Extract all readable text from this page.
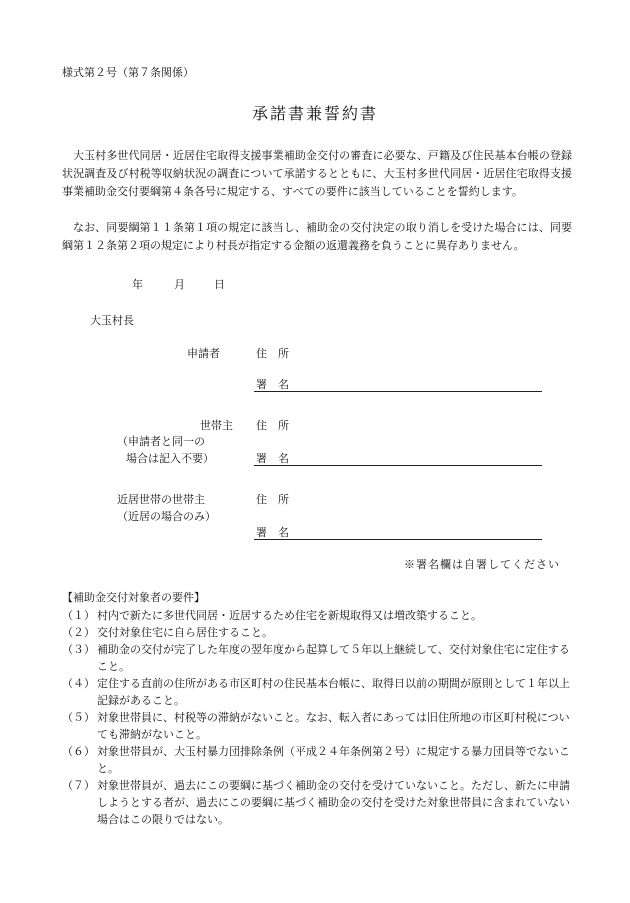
様式第２号（第７条関係）
承諾書兼誓約書
大玉村多世代同居・近居住宅取得支援事業補助金交付の審査に必要な、戸籍及び住民基本台帳の登録状況調査及び村税等収納状況の調査について承諾するとともに、大玉村多世代同居・近居住宅取得支援事業補助金交付要綱第４条各号に規定する、すべての要件に該当していることを誓約します。
なお、同要綱第１１条第１項の規定に該当し、補助金の交付決定の取り消しを受けた場合には、同要綱第１２条第２項の規定により村長が指定する金額の返還義務を負うことに異存ありません。
年	月	日
大玉村長
申請者	住　所
署　名
世帯主
（申請者と同一の
場合は記入不要）
住　所
署　名
近居世帯の世帯主
（近居の場合のみ）
住　所
署　名
※署名欄は自署してください
【補助金交付対象者の要件】
（１） 村内で新たに多世代同居・近居するため住宅を新規取得又は増改築すること。
（２） 交付対象住宅に自ら居住すること。
（３） 補助金の交付が完了した年度の翌年度から起算して５年以上継続して、交付対象住宅に定住すること。
（４） 定住する直前の住所がある市区町村の住民基本台帳に、取得日以前の期間が原則として１年以上記録があること。
（５） 対象世帯員に、村税等の滞納がないこと。なお、転入者にあっては旧住所地の市区町村税についても滞納がないこと。
（６） 対象世帯員が、大玉村暴力団排除条例（平成２４年条例第２号）に規定する暴力団員等でないこと。
（７） 対象世帯員が、過去にこの要綱に基づく補助金の交付を受けていないこと。ただし、新たに申請しようとする者が、過去にこの要綱に基づく補助金の交付を受けた対象世帯員に含まれていない場合はこの限りではない。
